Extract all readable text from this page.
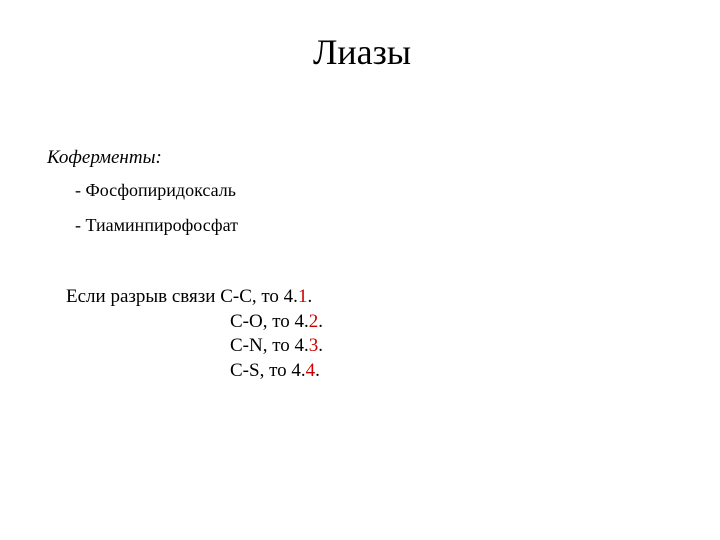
Лиазы
Коферменты:
- Фосфопиридоксаль
- Тиаминпирофосфат
Если разрыв связи С-С, то 4.1.
С-О, то 4.2.
С-N, то 4.3.
С-S, то 4.4.
